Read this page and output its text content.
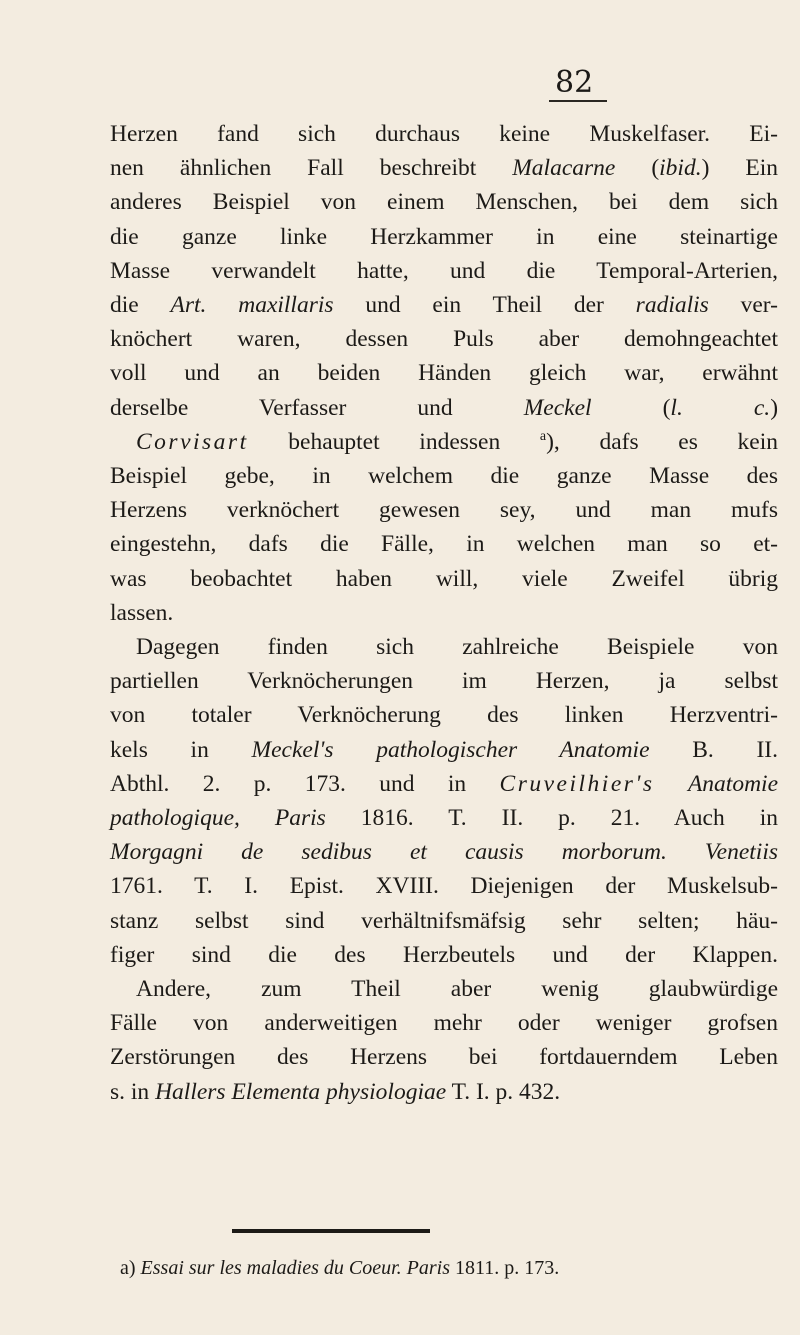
82
Herzen fand sich durchaus keine Muskelfaser. Ei-
nen ähnlichen Fall beschreibt Malacarne (ibid.) Ein
anderes Beispiel von einem Menschen, bei dem sich
die ganze linke Herzkammer in eine steinartige
Masse verwandelt hatte, und die Temporal-Arterien,
die Art. maxillaris und ein Theil der radialis ver-
knöchert waren, dessen Puls aber demohngeachtet
voll und an beiden Händen gleich war, erwähnt
derselbe Verfasser und Meckel (l. c.)
Corvisart behauptet indessen $^a$), dafs es kein
Beispiel gebe, in welchem die ganze Masse des
Herzens verknöchert gewesen sey, und man mufs
eingestehn, dafs die Fälle, in welchen man so et-
was beobachtet haben will, viele Zweifel übrig
lassen.
Dagegen finden sich zahlreiche Beispiele von
partiellen Verknöcherungen im Herzen, ja selbst
von totaler Verknöcherung des linken Herzventri-
kels in Meckel's pathologischer Anatomie B. II.
Abthl. 2. p. 173. und in Cruveilhier's Anatomie
pathologique, Paris 1816. T. II. p. 21. Auch in
Morgagni de sedibus et causis morborum. Venetiis
1761. T. I. Epist. XVIII. Diejenigen der Muskelsub-
stanz selbst sind verhältnifsmäfsig sehr selten; häu-
figer sind die des Herzbeutels und der Klappen.
Andere, zum Theil aber wenig glaubwürdige
Fälle von anderweitigen mehr oder weniger grofsen
Zerstörungen des Herzens bei fortdauerndem Leben
s. in Hallers Elementa physiologiae T. I. p. 432.
a) Essai sur les maladies du Coeur. Paris 1811. p. 173.
